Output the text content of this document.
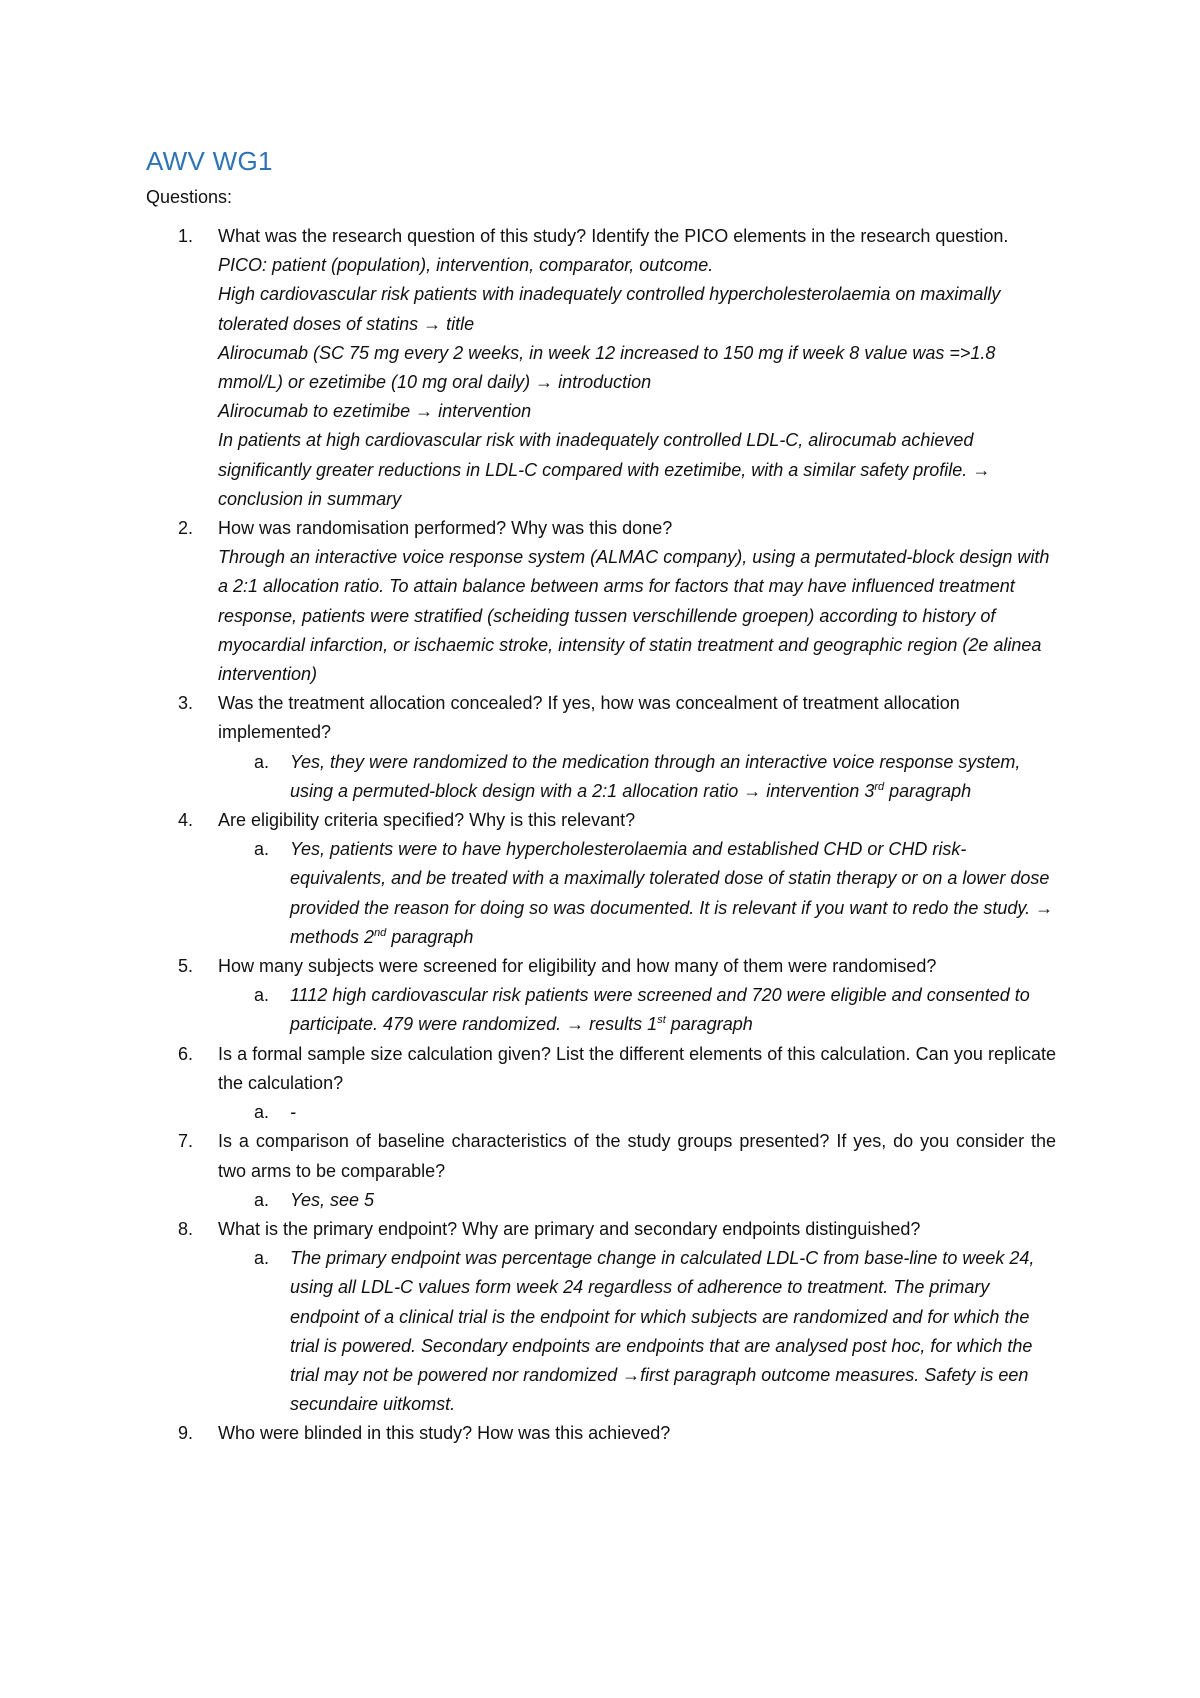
AWV WG1
Questions:
1. What was the research question of this study? Identify the PICO elements in the research question.
PICO: patient (population), intervention, comparator, outcome.
High cardiovascular risk patients with inadequately controlled hypercholesterolaemia on maximally tolerated doses of statins → title
Alirocumab (SC 75 mg every 2 weeks, in week 12 increased to 150 mg if week 8 value was =>1.8 mmol/L) or ezetimibe (10 mg oral daily) → introduction
Alirocumab to ezetimibe → intervention
In patients at high cardiovascular risk with inadequately controlled LDL-C, alirocumab achieved significantly greater reductions in LDL-C compared with ezetimibe, with a similar safety profile. → conclusion in summary
2. How was randomisation performed? Why was this done?
Through an interactive voice response system (ALMAC company), using a permutated-block design with a 2:1 allocation ratio. To attain balance between arms for factors that may have influenced treatment response, patients were stratified (scheiding tussen verschillende groepen) according to history of myocardial infarction, or ischaemic stroke, intensity of statin treatment and geographic region (2e alinea intervention)
3. Was the treatment allocation concealed? If yes, how was concealment of treatment allocation implemented?
a. Yes, they were randomized to the medication through an interactive voice response system, using a permuted-block design with a 2:1 allocation ratio → intervention 3rd paragraph
4. Are eligibility criteria specified? Why is this relevant?
a. Yes, patients were to have hypercholesterolaemia and established CHD or CHD risk-equivalents, and be treated with a maximally tolerated dose of statin therapy or on a lower dose provided the reason for doing so was documented. It is relevant if you want to redo the study. → methods 2nd paragraph
5. How many subjects were screened for eligibility and how many of them were randomised?
a. 1112 high cardiovascular risk patients were screened and 720 were eligible and consented to participate. 479 were randomized. → results 1st paragraph
6. Is a formal sample size calculation given? List the different elements of this calculation. Can you replicate the calculation?
a. -
7. Is a comparison of baseline characteristics of the study groups presented? If yes, do you consider the two arms to be comparable?
a. Yes, see 5
8. What is the primary endpoint? Why are primary and secondary endpoints distinguished?
a. The primary endpoint was percentage change in calculated LDL-C from base-line to week 24, using all LDL-C values form week 24 regardless of adherence to treatment. The primary endpoint of a clinical trial is the endpoint for which subjects are randomized and for which the trial is powered. Secondary endpoints are endpoints that are analysed post hoc, for which the trial may not be powered nor randomized →first paragraph outcome measures. Safety is een secundaire uitkomst.
9. Who were blinded in this study? How was this achieved?
